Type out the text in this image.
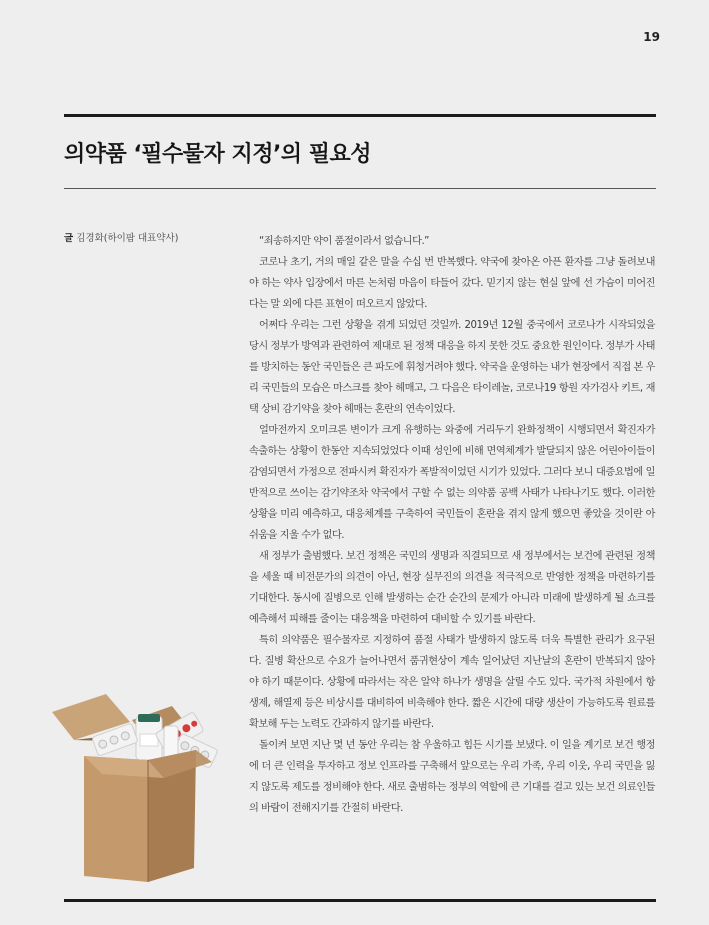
19
의약품 ‘필수물자 지정’의 필요성
글 김경화(하이팜 대표약사)	“죄송하지만 약이 품절이라서 없습니다.”

코로나 초기, 거의 매일 같은 말을 수십 번 반복했다. 약국에 찾아온 아픈 환자를 그냥 돌려보내야 하는 약사 입장에서 마른 논처럼 마음이 타들어 갔다. 믿기지 않는 현실 앞에 선 가슴이 미어진다는 말 외에 다른 표현이 떠오르지 않았다.

어쩌다 우리는 그런 상황을 겪게 되었던 것일까. 2019년 12월 중국에서 코로나가 시작되었을 당시 정부가 방역과 관련하여 제대로 된 정책 대응을 하지 못한 것도 중요한 원인이다. 정부가 사태를 방치하는 동안 국민들은 큰 파도에 휘청거려야 했다. 약국을 운영하는 내가 현장에서 직접 본 우리 국민들의 모습은 마스크를 찾아 헤매고, 그 다음은 타이레놀, 코로나19 항원 자가검사 키트, 재택 상비 감기약을 찾아 헤매는 혼란의 연속이었다.

얼마전까지 오미크론 변이가 크게 유행하는 와중에 거리두기 완화정책이 시행되면서 확진자가 속출하는 상황이 한동안 지속되었었다 이때 성인에 비해 면역체계가 발달되지 않은 어린아이들이 감염되면서 가정으로 전파시켜 확진자가 폭발적이었던 시기가 있었다. 그러다 보니 대증요법에 일반적으로 쓰이는 감기약조차 약국에서 구할 수 없는 의약품 공백 사태가 나타나기도 했다. 이러한 상황을 미리 예측하고, 대응체계를 구축하여 국민들이 혼란을 겪지 않게 했으면 좋았을 것이란 아쉬움을 지울 수가 없다.

새 정부가 출범했다. 보건 정책은 국민의 생명과 직결되므로 새 정부에서는 보건에 관련된 정책을 세울 때 비전문가의 의견이 아닌, 현장 실무진의 의견을 적극적으로 반영한 정책을 마련하기를 기대한다. 동시에 질병으로 인해 발생하는 순간 순간의 문제가 아니라 미래에 발생하게 될 쇼크를 예측해서 피해를 줄이는 대응책을 마련하여 대비할 수 있기를 바란다.

특히 의약품은 필수물자로 지정하여 품절 사태가 발생하지 않도록 더욱 특별한 관리가 요구된다. 질병 확산으로 수요가 늘어나면서 품귀현상이 계속 일어났던 지난날의 혼란이 반복되지 않아야 하기 때문이다. 상황에 따라서는 작은 알약 하나가 생명을 살릴 수도 있다. 국가적 차원에서 항생제, 해열제 등은 비상시를 대비하여 비축해야 한다. 짧은 시간에 대량 생산이 가능하도록 원료를 확보해 두는 노력도 간과하지 않기를 바란다.

돌이켜 보면 지난 몇 년 동안 우리는 참 우울하고 힘든 시기를 보냈다. 이 일을 계기로 보건 행정에 더 큰 인력을 투자하고 정보 인프라를 구축해서 앞으로는 우리 가족, 우리 이웃, 우리 국민을 잃지 않도록 제도를 정비해야 한다. 새로 출범하는 정부의 역할에 큰 기대를 걸고 있는 보건 의료인들의 바람이 전해지기를 간절히 바란다.
